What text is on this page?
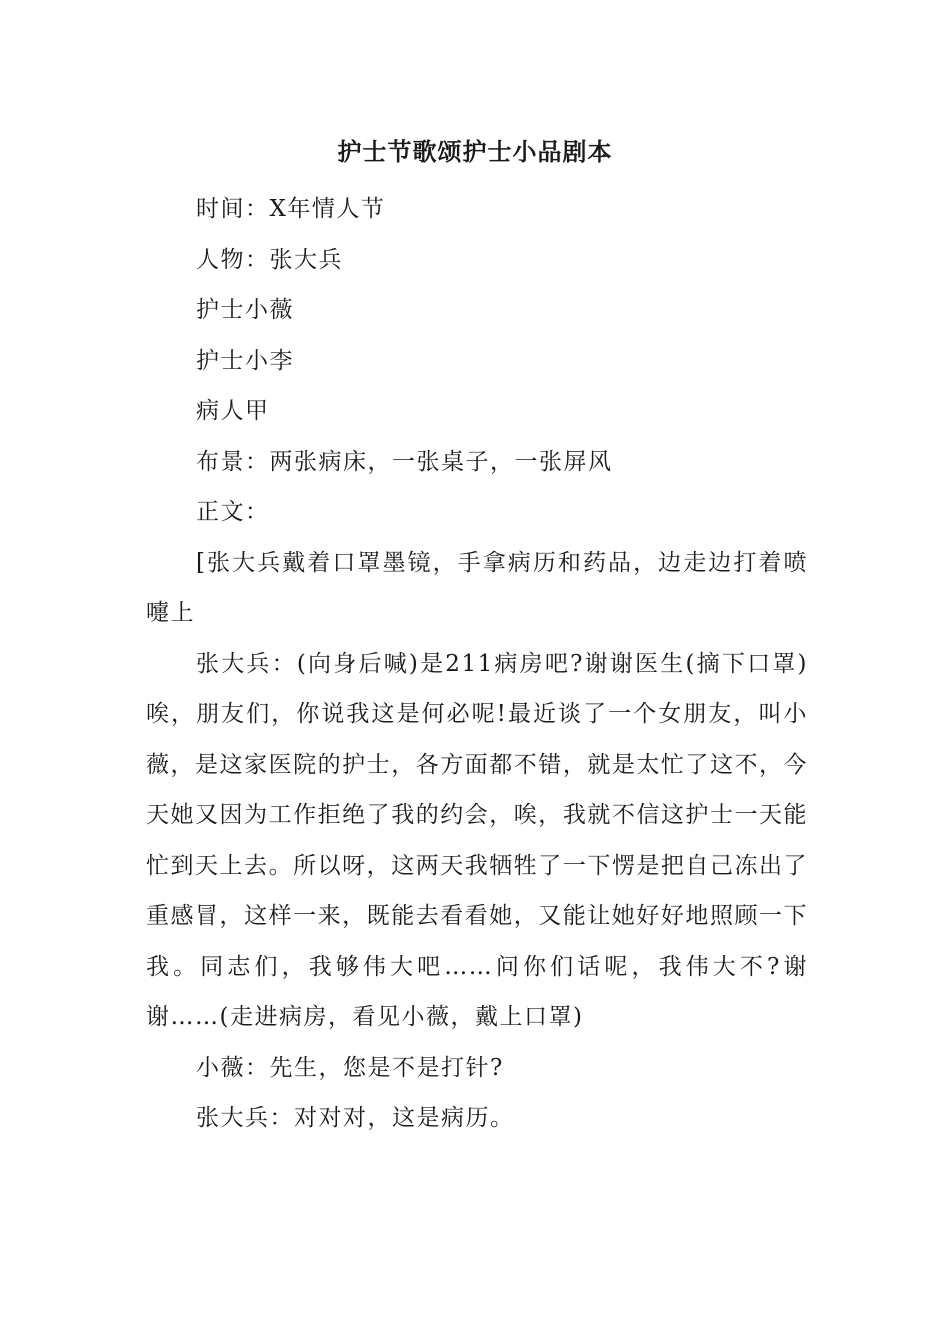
护士节歌颂护士小品剧本

时间：X年情人节

人物：张大兵

护士小薇

护士小李

病人甲

布景：两张病床，一张桌子，一张屏风

正文：

[张大兵戴着口罩墨镜，手拿病历和药品，边走边打着喷嚏上

张大兵：(向身后喊)是211病房吧?谢谢医生(摘下口罩)唉，朋友们，你说我这是何必呢!最近谈了一个女朋友，叫小薇，是这家医院的护士，各方面都不错，就是太忙了这不，今天她又因为工作拒绝了我的约会，唉，我就不信这护士一天能忙到天上去。所以呀，这两天我牺牲了一下愣是把自己冻出了重感冒，这样一来，既能去看看她，又能让她好好地照顾一下我。同志们，我够伟大吧……问你们话呢，我伟大不?谢谢……(走进病房，看见小薇，戴上口罩)

小薇：先生，您是不是打针?

张大兵：对对对，这是病历。
